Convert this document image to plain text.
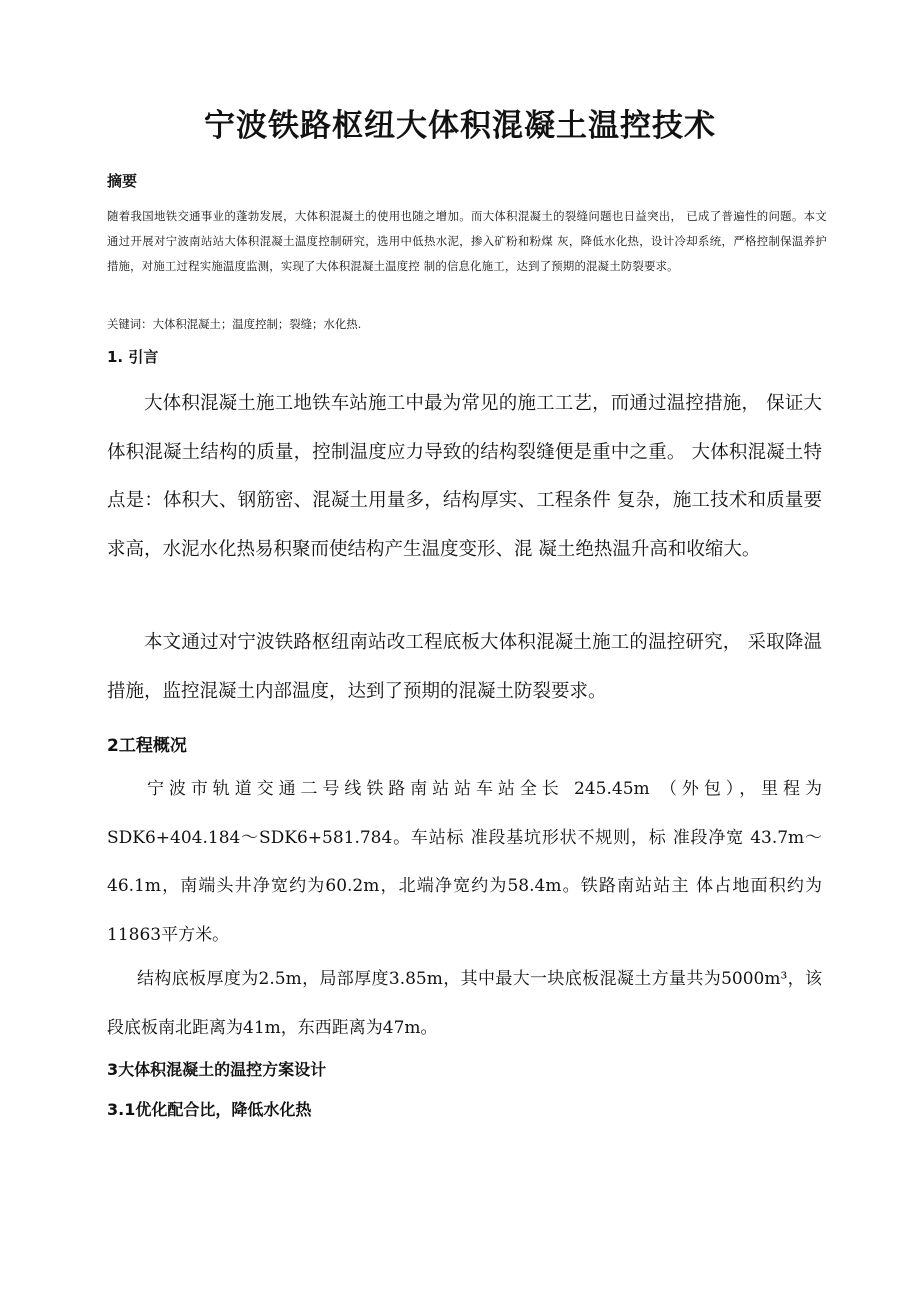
宁波铁路枢纽大体积混凝土温控技术
摘要
随着我国地铁交通事业的蓬勃发展，大体积混凝土的使用也随之增加。而大体积混凝土的裂缝问题也日益突出， 已成了普遍性的问题。本文通过开展对宁波南站站大体积混凝土温度控制研究，选用中低热水泥，掺入矿粉和粉煤 灰，降低水化热，设计冷却系统，严格控制保温养护措施，对施工过程实施温度监测，实现了大体积混凝土温度控 制的信息化施工，达到了预期的混凝土防裂要求。
关键词：大体积混凝土；温度控制；裂缝；水化热.
1. 引言
大体积混凝土施工地铁车站施工中最为常见的施工工艺，而通过温控措施， 保证大体积混凝土结构的质量，控制温度应力导致的结构裂缝便是重中之重。 大体积混凝土特点是：体积大、钢筋密、混凝土用量多，结构厚实、工程条件 复杂，施工技术和质量要求高，水泥水化热易积聚而使结构产生温度变形、混 凝土绝热温升高和收缩大。
本文通过对宁波铁路枢纽南站改工程底板大体积混凝土施工的温控研究， 采取降温措施，监控混凝土内部温度，达到了预期的混凝土防裂要求。
2工程概况
宁波市轨道交通二号线铁路南站站车站全长 245.45m （外包），里程为SDK6+404.184〜SDK6+581.784。车站标 准段基坑形状不规则，标 准段净宽 43.7m〜46.1m，南端头井净宽约为60.2m，北端净宽约为58.4m。铁路南站站主 体占地面积约为11863平方米。
结构底板厚度为2.5m，局部厚度3.85m，其中最大一块底板混凝土方量共为5000m³，该段底板南北距离为41m，东西距离为47m。
3大体积混凝土的温控方案设计
3.1优化配合比，降低水化热
